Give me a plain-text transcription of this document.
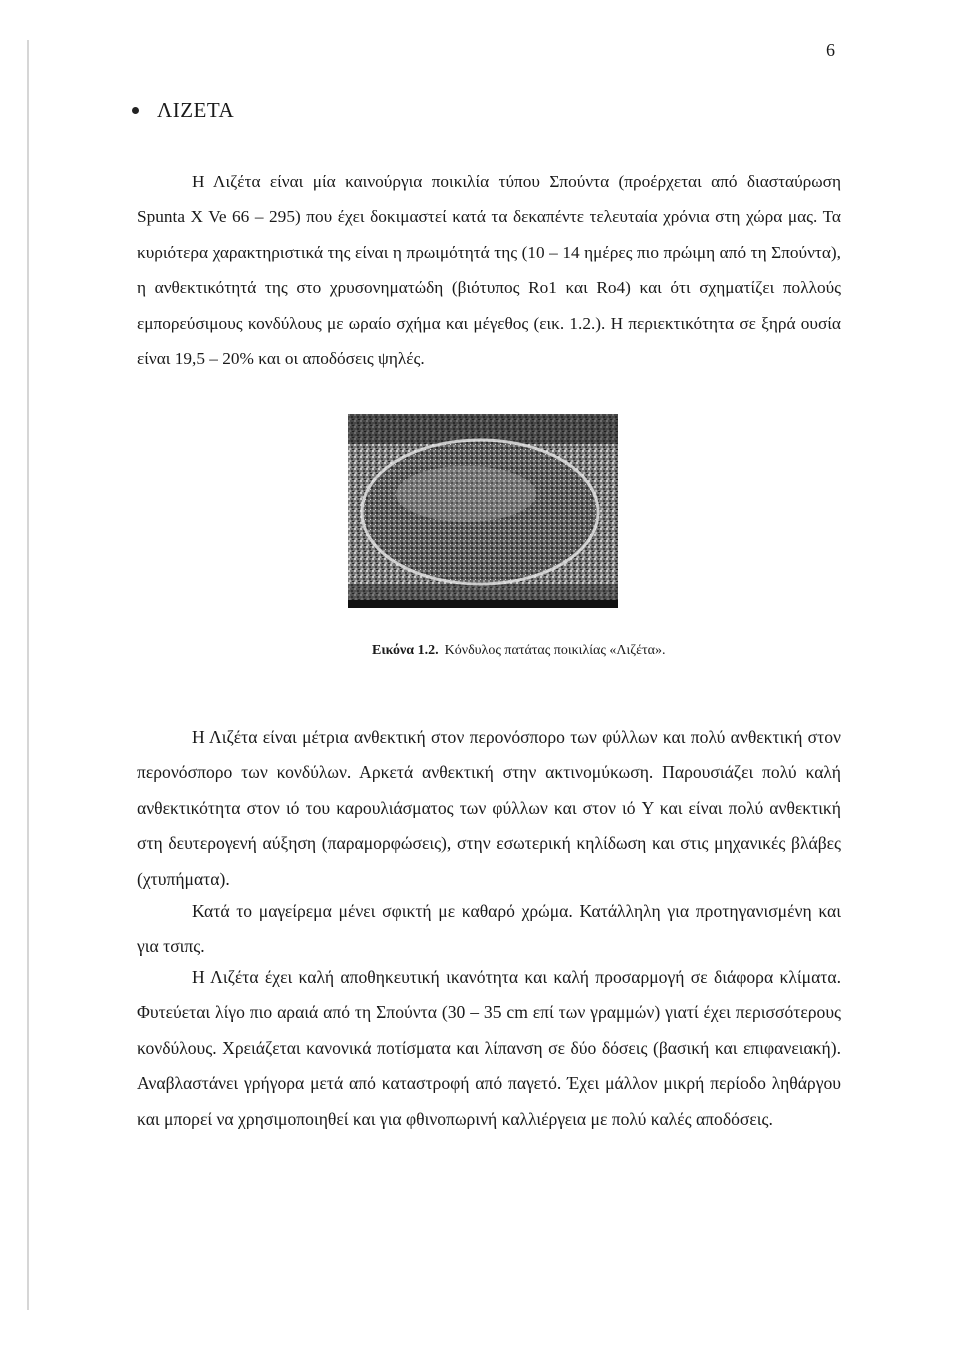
6
ΛΙΖΕΤΑ

Η Λιζέτα είναι μία καινούργια ποικιλία τύπου Σπούντα (προέρχεται από διασταύρωση Spunta X Ve 66 – 295) που έχει δοκιμαστεί κατά τα δεκαπέντε τελευταία χρόνια στη χώρα μας. Τα κυριότερα χαρακτηριστικά της είναι η πρωιμότητά της (10 – 14 ημέρες πιο πρώιμη από τη Σπούντα), η ανθεκτικότητά της στο χρυσονηματώδη (βιότυπος Ro1 και Ro4) και ότι σχηματίζει πολλούς εμπορεύσιμους κονδύλους με ωραίο σχήμα και μέγεθος (εικ. 1.2.). Η περιεκτικότητα σε ξηρά ουσία είναι 19,5 – 20% και οι αποδόσεις ψηλές.

Εικόνα 1.2. Κόνδυλος πατάτας ποικιλίας «Λιζέτα».

Η Λιζέτα είναι μέτρια ανθεκτική στον περονόσπορο των φύλλων και πολύ ανθεκτική στον περονόσπορο των κονδύλων. Αρκετά ανθεκτική στην ακτινομύκωση. Παρουσιάζει πολύ καλή ανθεκτικότητα στον ιό του καρουλιάσματος των φύλλων και στον ιό Y και είναι πολύ ανθεκτική στη δευτερογενή αύξηση (παραμορφώσεις), στην εσωτερική κηλίδωση και στις μηχανικές βλάβες (χτυπήματα).

Κατά το μαγείρεμα μένει σφικτή με καθαρό χρώμα. Κατάλληλη για προτηγανισμένη και για τσιπς.

Η Λιζέτα έχει καλή αποθηκευτική ικανότητα και καλή προσαρμογή σε διάφορα κλίματα. Φυτεύεται λίγο πιο αραιά από τη Σπούντα (30 – 35 cm επί των γραμμών) γιατί έχει περισσότερους κονδύλους. Χρειάζεται κανονικά ποτίσματα και λίπανση σε δύο δόσεις (βασική και επιφανειακή). Αναβλαστάνει γρήγορα μετά από καταστροφή από παγετό. Έχει μάλλον μικρή περίοδο ληθάργου και μπορεί να χρησιμοποιηθεί και για φθινοπωρινή καλλιέργεια με πολύ καλές αποδόσεις.
